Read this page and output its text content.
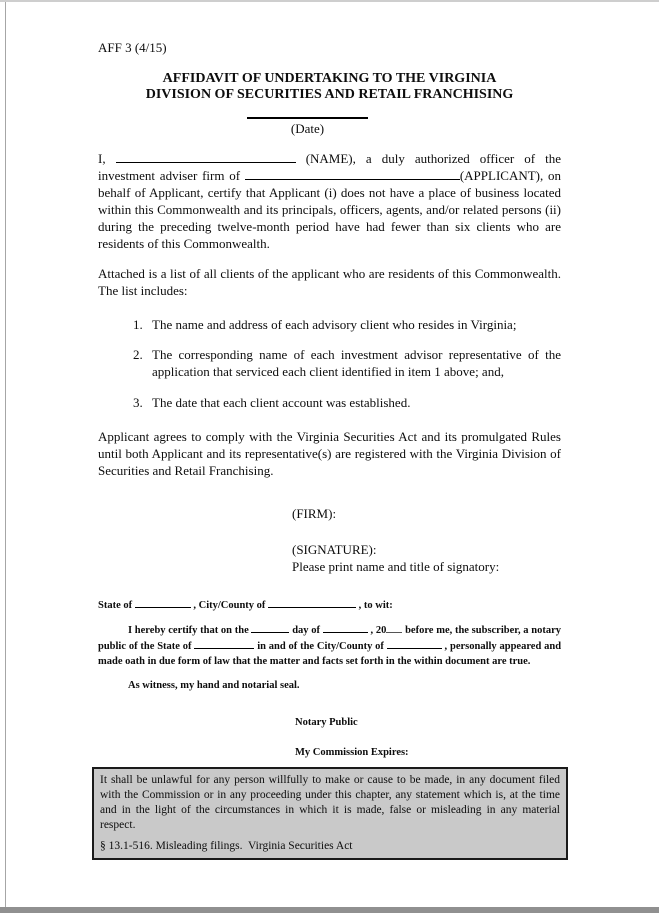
AFF 3 (4/15)
AFFIDAVIT OF UNDERTAKING TO THE VIRGINIA
DIVISION OF SECURITIES AND RETAIL FRANCHISING
(Date)

I,	(NAME), a duly authorized officer of the investment adviser firm of	(APPLICANT), on behalf of Applicant, certify that Applicant (i) does not have a place of business located within this Commonwealth and its principals, officers, agents, and/or related persons (ii) during the preceding twelve-month period have had fewer than six clients who are residents of this Commonwealth.

Attached is a list of all clients of the applicant who are residents of this Commonwealth. The list includes:

1. The name and address of each advisory client who resides in Virginia;
2. The corresponding name of each investment advisor representative of the application that serviced each client identified in item 1 above; and,
3. The date that each client account was established.

Applicant agrees to comply with the Virginia Securities Act and its promulgated Rules until both Applicant and its representative(s) are registered with the Virginia Division of Securities and Retail Franchising.

(FIRM):
(SIGNATURE):
Please print name and title of signatory:
State of	, City/County of	, to wit:

I hereby certify that on the	day of	, 20 before me, the subscriber, a notary public of the State of	in and of the City/County of	, personally appeared and made oath in due form of law that the matter and facts set forth in the within document are true.

As witness, my hand and notarial seal.
Notary Public
My Commission Expires:
It shall be unlawful for any person willfully to make or cause to be made, in any document filed with the Commission or in any proceeding under this chapter, any statement which is, at the time and in the light of the circumstances in which it is made, false or misleading in any material respect.
§ 13.1-516. Misleading filings.  Virginia Securities Act
